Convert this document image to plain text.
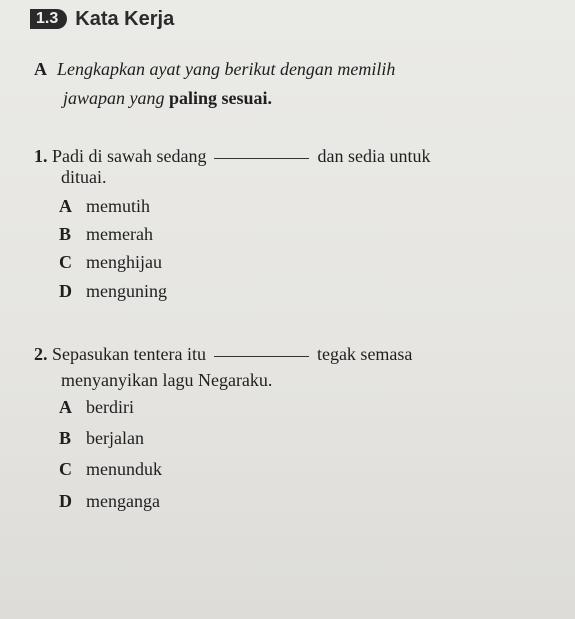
1.3 Kata Kerja
A Lengkapkan ayat yang berikut dengan memilih
jawapan yang paling sesuai.
1. Padi di sawah sedang	dan sedia untuk
dituai.
A memutih
B memerah
C menghijau
D menguning
2. Sepasukan tentera itu	tegak semasa
menyanyikan lagu Negaraku.
A berdiri
B berjalan
C menunduk
D menganga
